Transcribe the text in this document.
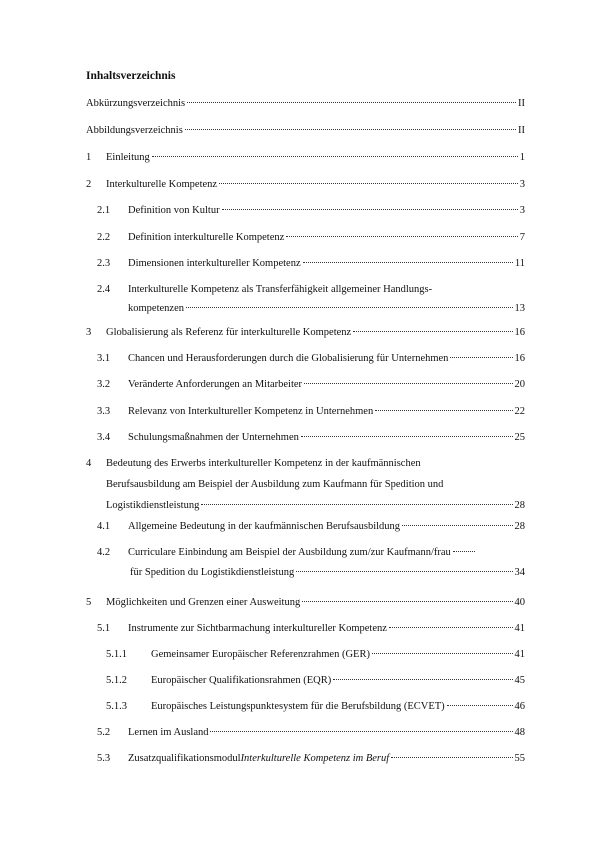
Inhaltsverzeichnis
Abkürzungsverzeichnis	II
Abbildungsverzeichnis	II
1 Einleitung	1
2 Interkulturelle Kompetenz	3
2.1 Definition von Kultur	3
2.2 Definition interkulturelle Kompetenz	7
2.3 Dimensionen interkultureller Kompetenz	11
2.4 Interkulturelle Kompetenz als Transferfähigkeit allgemeiner Handlungs-
kompetenzen	13
3 Globalisierung als Referenz für interkulturelle Kompetenz	16
3.1 Chancen und Herausforderungen durch die Globalisierung für Unternehmen	16
3.2 Veränderte Anforderungen an Mitarbeiter	20
3.3 Relevanz von Interkultureller Kompetenz in Unternehmen	22
3.4 Schulungsmaßnahmen der Unternehmen	25
4 Bedeutung des Erwerbs interkultureller Kompetenz in der kaufmännischen
Berufsausbildung am Beispiel der Ausbildung zum Kaufmann für Spedition und
Logistikdienstleistung	28
4.1 Allgemeine Bedeutung in der kaufmännischen Berufsausbildung	28
4.2 Curriculare Einbindung am Beispiel der Ausbildung zum/zur Kaufmann/frau
für Spedition du Logistikdienstleistung	34
5 Möglichkeiten und Grenzen einer Ausweitung	40
5.1 Instrumente zur Sichtbarmachung interkultureller Kompetenz	41
5.1.1 Gemeinsamer Europäischer Referenzrahmen (GER)	41
5.1.2 Europäischer Qualifikationsrahmen (EQR)	45
5.1.3 Europäisches Leistungspunktesystem für die Berufsbildung (ECVET)	46
5.2 Lernen im Ausland	48
5.3 Zusatzqualifikationsmodul Interkulturelle Kompetenz im Beruf	55
